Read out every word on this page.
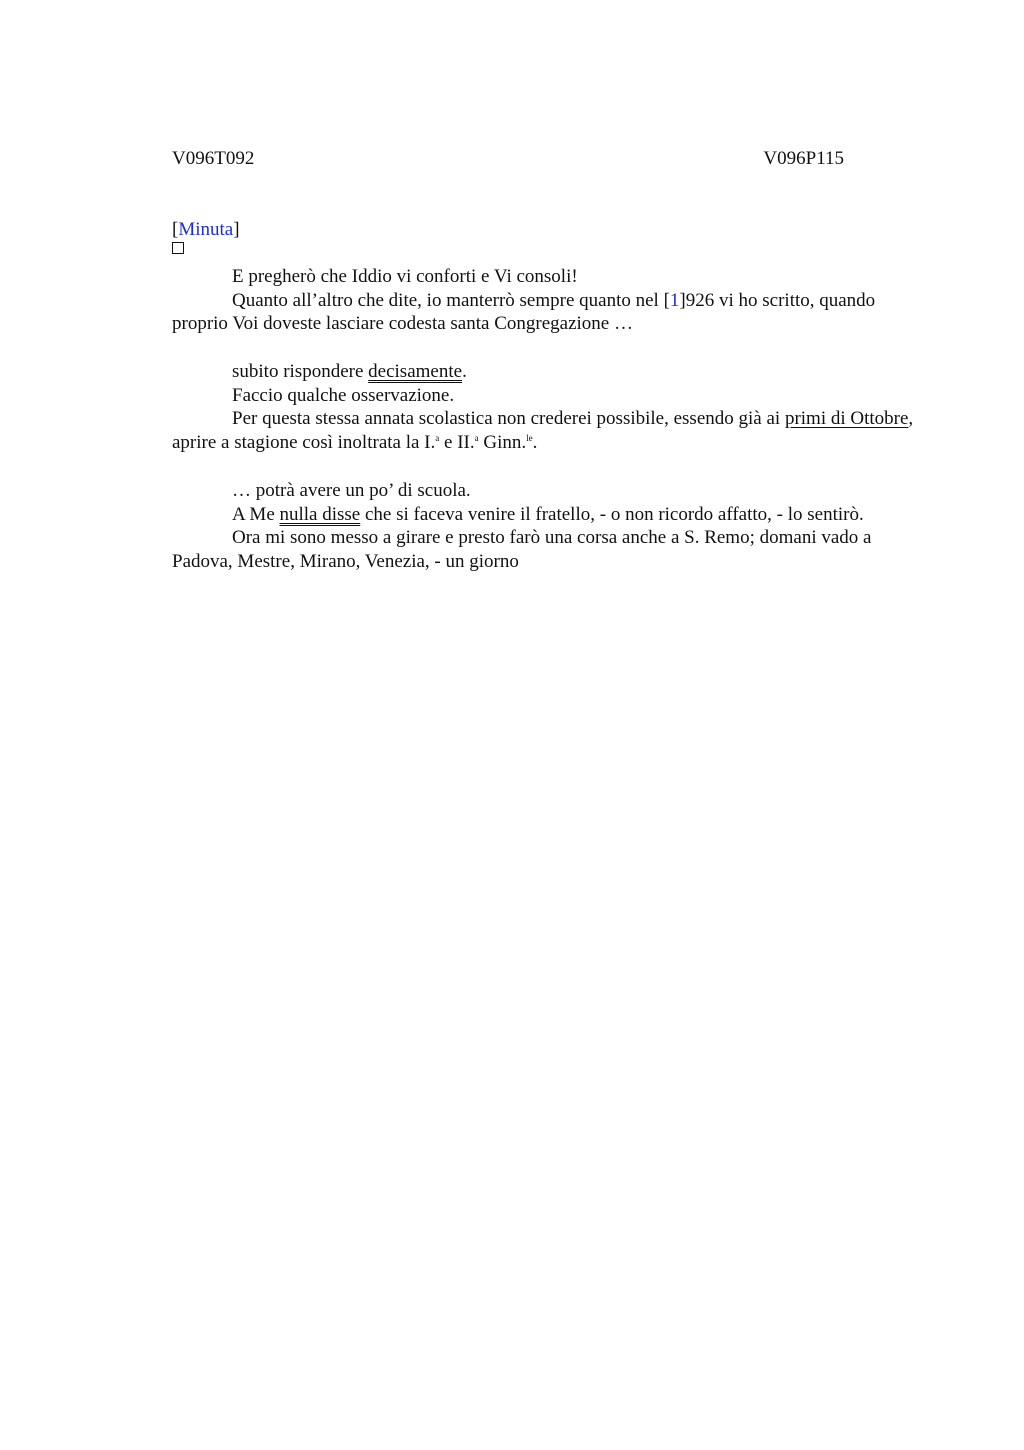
V096T092	V096P115
[Minuta]

E pregherò che Iddio vi conforti e Vi consoli!

Quanto all’altro che dite, io manterrò sempre quanto nel [1]926 vi ho scritto, quando proprio Voi doveste lasciare codesta santa Congregazione …

subito rispondere decisamente.

Faccio qualche osservazione.

Per questa stessa annata scolastica non crederei possibile, essendo già ai primi di Ottobre, aprire a stagione così inoltrata la I.$^a$ e II.$^a$ Ginn.$^{le}$.

… potrà avere un po’ di scuola.

A Me nulla disse che si faceva venire il fratello, - o non ricordo affatto, - lo sentirò.

Ora mi sono messo a girare e presto farò una corsa anche a S. Remo; domani vado a Padova, Mestre, Mirano, Venezia, - un giorno
